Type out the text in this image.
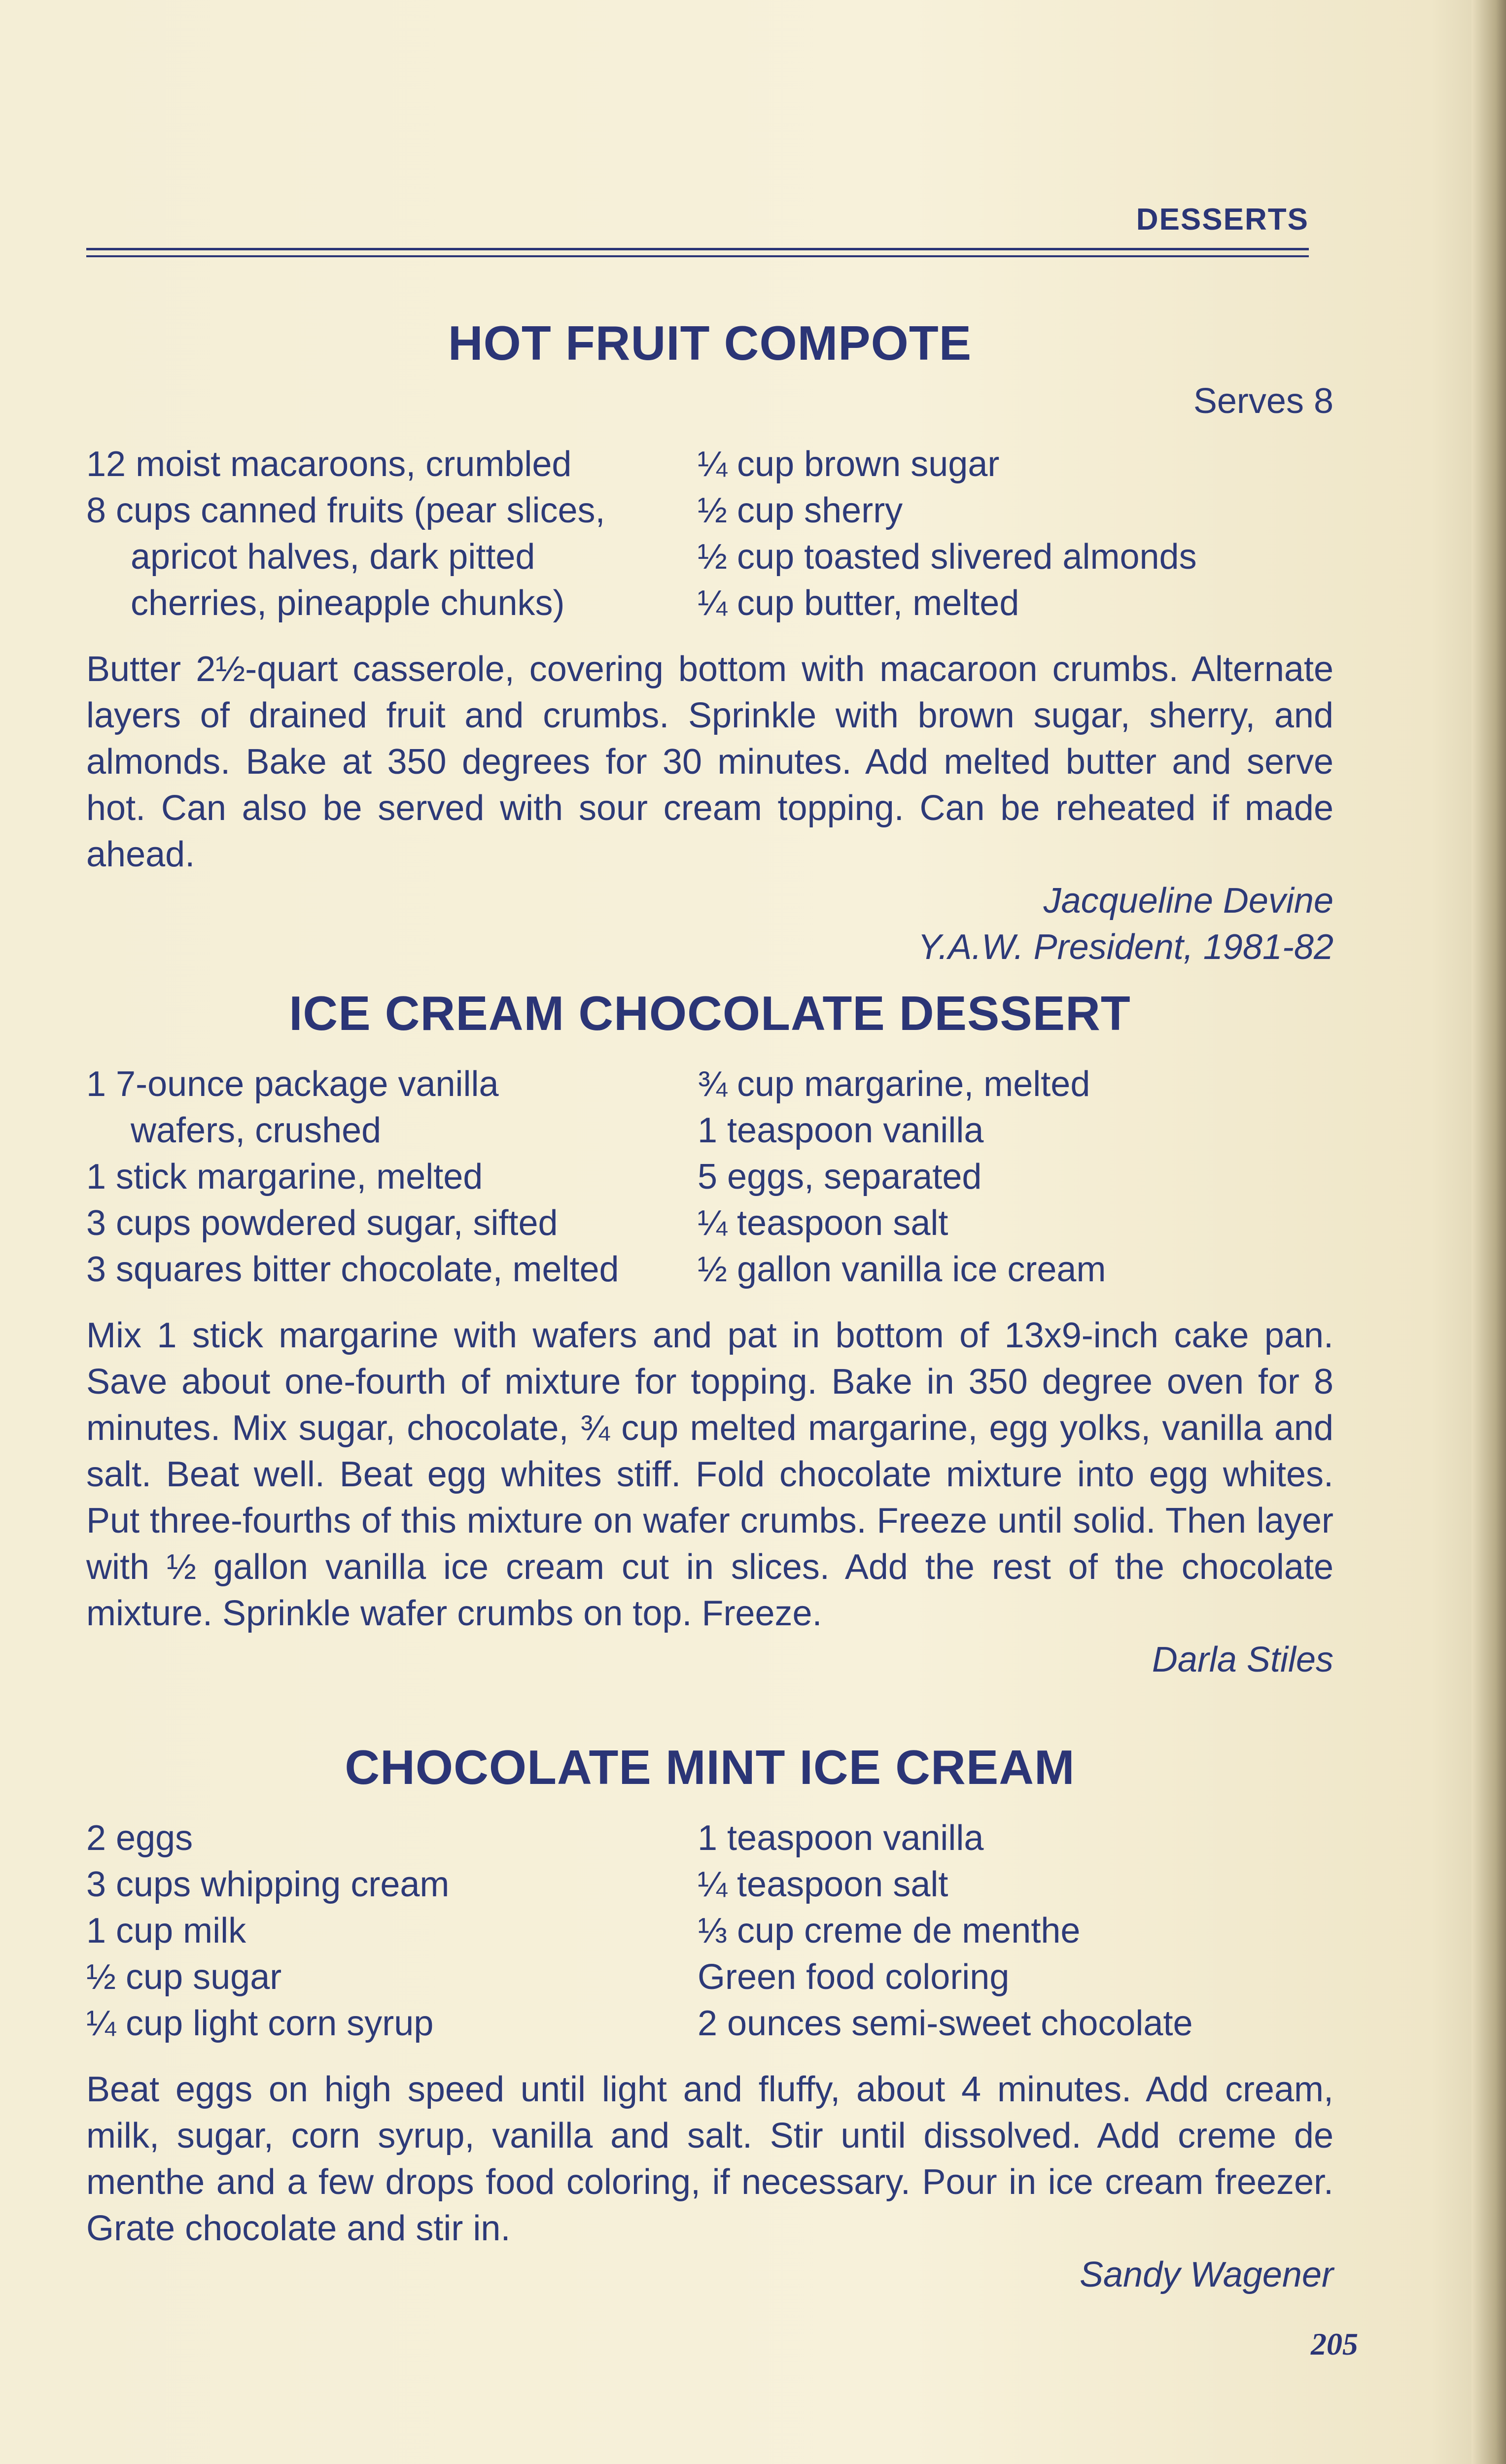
DESSERTS
HOT FRUIT COMPOTE
Serves 8
12 moist macaroons, crumbled
8 cups canned fruits (pear slices,
apricot halves, dark pitted
cherries, pineapple chunks)
¼ cup brown sugar
½ cup sherry
½ cup toasted slivered almonds
¼ cup butter, melted
Butter 2½-quart casserole, covering bottom with macaroon crumbs. Alternate layers of drained fruit and crumbs. Sprinkle with brown sugar, sherry, and almonds. Bake at 350 degrees for 30 minutes. Add melted butter and serve hot. Can also be served with sour cream topping. Can be reheated if made ahead.
Jacqueline Devine
Y.A.W. President, 1981-82
ICE CREAM CHOCOLATE DESSERT
1 7-ounce package vanilla
wafers, crushed
1 stick margarine, melted
3 cups powdered sugar, sifted
3 squares bitter chocolate, melted
¾ cup margarine, melted
1 teaspoon vanilla
5 eggs, separated
¼ teaspoon salt
½ gallon vanilla ice cream
Mix 1 stick margarine with wafers and pat in bottom of 13x9-inch cake pan. Save about one-fourth of mixture for topping. Bake in 350 degree oven for 8 minutes. Mix sugar, chocolate, ¾ cup melted margarine, egg yolks, vanilla and salt. Beat well. Beat egg whites stiff. Fold chocolate mixture into egg whites. Put three-fourths of this mixture on wafer crumbs. Freeze until solid. Then layer with ½ gallon vanilla ice cream cut in slices. Add the rest of the chocolate mixture. Sprinkle wafer crumbs on top. Freeze.
Darla Stiles
CHOCOLATE MINT ICE CREAM
2 eggs
3 cups whipping cream
1 cup milk
½ cup sugar
¼ cup light corn syrup
1 teaspoon vanilla
¼ teaspoon salt
⅓ cup creme de menthe
Green food coloring
2 ounces semi-sweet chocolate
Beat eggs on high speed until light and fluffy, about 4 minutes. Add cream, milk, sugar, corn syrup, vanilla and salt. Stir until dissolved. Add creme de menthe and a few drops food coloring, if necessary. Pour in ice cream freezer. Grate chocolate and stir in.
Sandy Wagener
205
